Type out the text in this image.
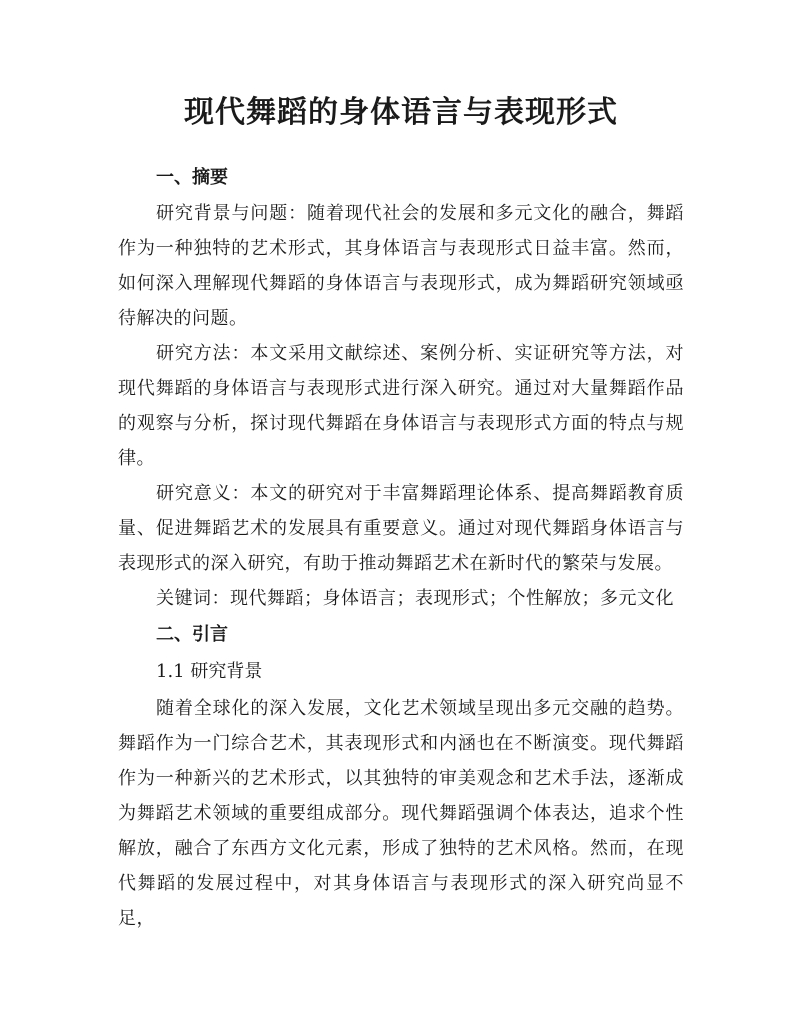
现代舞蹈的身体语言与表现形式
一、摘要

研究背景与问题：随着现代社会的发展和多元文化的融合，舞蹈作为一种独特的艺术形式，其身体语言与表现形式日益丰富。然而，如何深入理解现代舞蹈的身体语言与表现形式，成为舞蹈研究领域亟待解决的问题。

研究方法：本文采用文献综述、案例分析、实证研究等方法，对现代舞蹈的身体语言与表现形式进行深入研究。通过对大量舞蹈作品的观察与分析，探讨现代舞蹈在身体语言与表现形式方面的特点与规律。

研究意义：本文的研究对于丰富舞蹈理论体系、提高舞蹈教育质量、促进舞蹈艺术的发展具有重要意义。通过对现代舞蹈身体语言与表现形式的深入研究，有助于推动舞蹈艺术在新时代的繁荣与发展。

关键词：现代舞蹈；身体语言；表现形式；个性解放；多元文化

二、引言
1.1 研究背景

随着全球化的深入发展，文化艺术领域呈现出多元交融的趋势。舞蹈作为一门综合艺术，其表现形式和内涵也在不断演变。现代舞蹈作为一种新兴的艺术形式，以其独特的审美观念和艺术手法，逐渐成为舞蹈艺术领域的重要组成部分。现代舞蹈强调个体表达，追求个性解放，融合了东西方文化元素，形成了独特的艺术风格。然而，在现代舞蹈的发展过程中，对其身体语言与表现形式的深入研究尚显不足，
